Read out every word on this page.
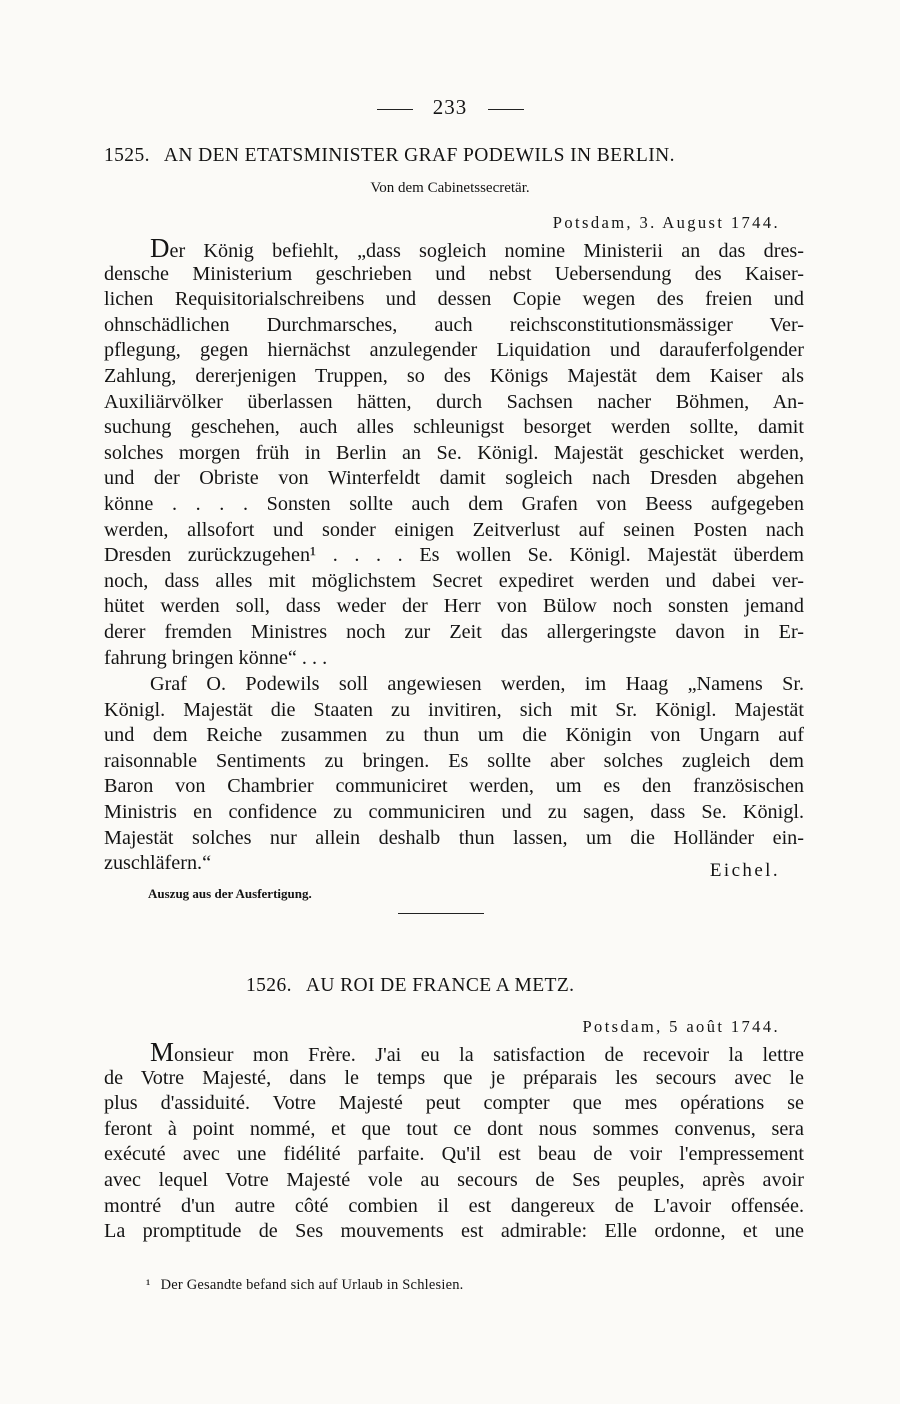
233
1525. AN DEN ETATSMINISTER GRAF PODEWILS IN BERLIN.
Von dem Cabinetssecretär.
Potsdam, 3. August 1744.
Der König befiehlt, „dass sogleich nomine Ministerii an das dres-
densche Ministerium geschrieben und nebst Uebersendung des Kaiser-
lichen Requisitorialschreibens und dessen Copie wegen des freien und
ohnschädlichen Durchmarsches, auch reichsconstitutionsmässiger Ver-
pflegung, gegen hiernächst anzulegender Liquidation und darauferfolgender
Zahlung, dererjenigen Truppen, so des Königs Majestät dem Kaiser als
Auxiliärvölker überlassen hätten, durch Sachsen nacher Böhmen, An-
suchung geschehen, auch alles schleunigst besorget werden sollte, damit
solches morgen früh in Berlin an Se. Königl. Majestät geschicket werden,
und der Obriste von Winterfeldt damit sogleich nach Dresden abgehen
könne . . . . Sonsten sollte auch dem Grafen von Beess aufgegeben
werden, allsofort und sonder einigen Zeitverlust auf seinen Posten nach
Dresden zurückzugehen¹ . . . . Es wollen Se. Königl. Majestät überdem
noch, dass alles mit möglichstem Secret expediret werden und dabei ver-
hütet werden soll, dass weder der Herr von Bülow noch sonsten jemand
derer fremden Ministres noch zur Zeit das allergeringste davon in Er-
fahrung bringen könne“ . . .
Graf O. Podewils soll angewiesen werden, im Haag „Namens Sr.
Königl. Majestät die Staaten zu invitiren, sich mit Sr. Königl. Majestät
und dem Reiche zusammen zu thun um die Königin von Ungarn auf
raisonnable Sentiments zu bringen. Es sollte aber solches zugleich dem
Baron von Chambrier communiciret werden, um es den französischen
Ministris en confidence zu communiciren und zu sagen, dass Se. Königl.
Majestät solches nur allein deshalb thun lassen, um die Holländer ein-
zuschläfern.“	Eichel.
Auszug aus der Ausfertigung.
1526. AU ROI DE FRANCE A METZ.
Potsdam, 5 août 1744.
Monsieur mon Frère. J'ai eu la satisfaction de recevoir la lettre
de Votre Majesté, dans le temps que je préparais les secours avec le
plus d'assiduité. Votre Majesté peut compter que mes opérations se
feront à point nommé, et que tout ce dont nous sommes convenus, sera
exécuté avec une fidélité parfaite. Qu'il est beau de voir l'empressement
avec lequel Votre Majesté vole au secours de Ses peuples, après avoir
montré d'un autre côté combien il est dangereux de L'avoir offensée.
La promptitude de Ses mouvements est admirable: Elle ordonne, et une
¹ Der Gesandte befand sich auf Urlaub in Schlesien.
